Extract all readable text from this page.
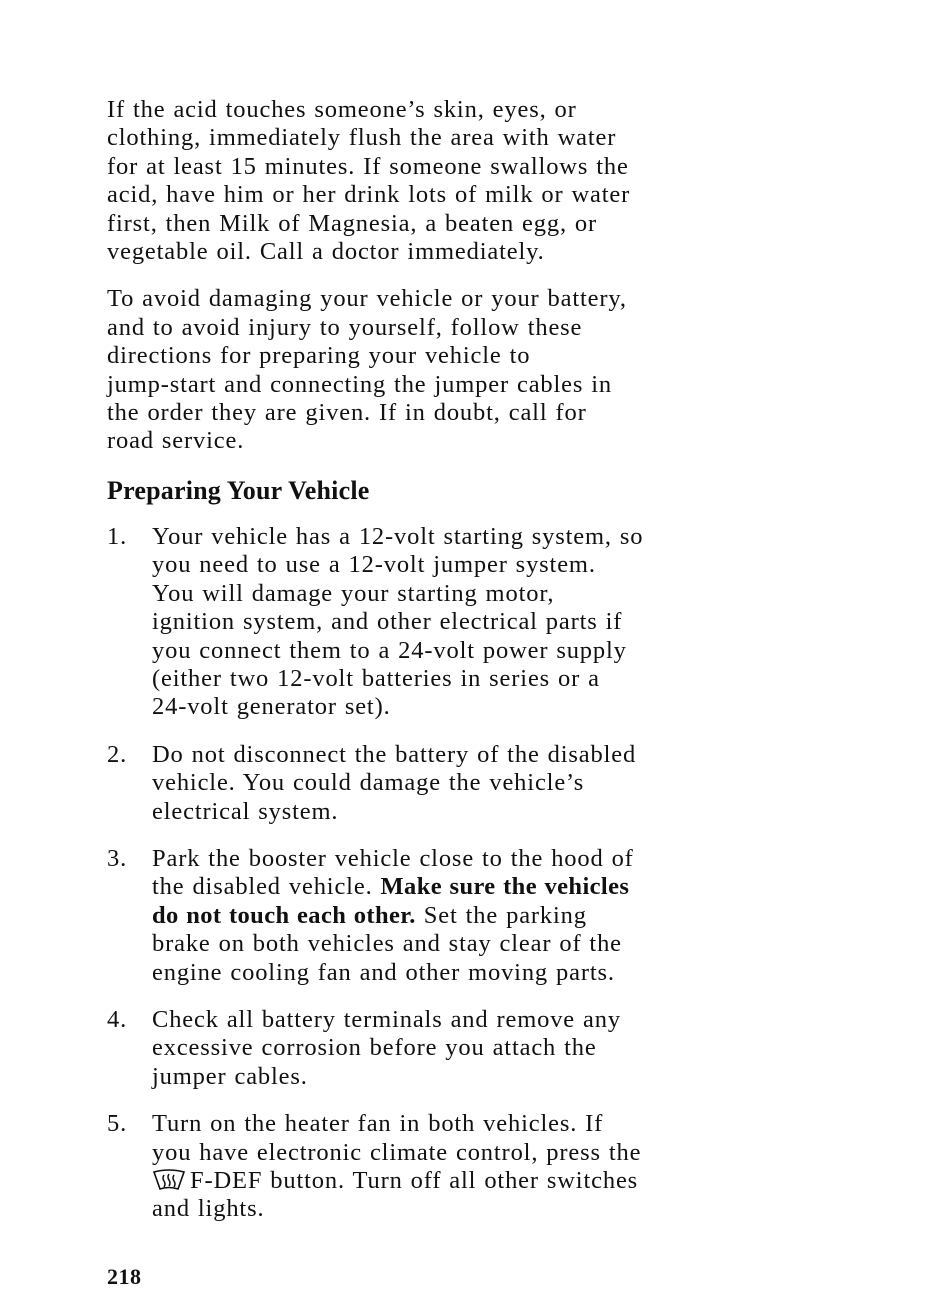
If the acid touches someone’s skin, eyes, or
clothing, immediately flush the area with water
for at least 15 minutes. If someone swallows the
acid, have him or her drink lots of milk or water
first, then Milk of Magnesia, a beaten egg, or
vegetable oil. Call a doctor immediately.

To avoid damaging your vehicle or your battery,
and to avoid injury to yourself, follow these
directions for preparing your vehicle to
jump-start and connecting the jumper cables in
the order they are given. If in doubt, call for
road service.

Preparing Your Vehicle
1. Your vehicle has a 12-volt starting system, so
you need to use a 12-volt jumper system.
You will damage your starting motor,
ignition system, and other electrical parts if
you connect them to a 24-volt power supply
(either two 12-volt batteries in series or a
24-volt generator set).
2. Do not disconnect the battery of the disabled
vehicle. You could damage the vehicle’s
electrical system.
3. Park the booster vehicle close to the hood of
the disabled vehicle. Make sure the vehicles
do not touch each other. Set the parking
brake on both vehicles and stay clear of the
engine cooling fan and other moving parts.
4. Check all battery terminals and remove any
excessive corrosion before you attach the
jumper cables.
5. Turn on the heater fan in both vehicles. If
you have electronic climate control, press the
F-DEF button. Turn off all other switches
and lights.
218
